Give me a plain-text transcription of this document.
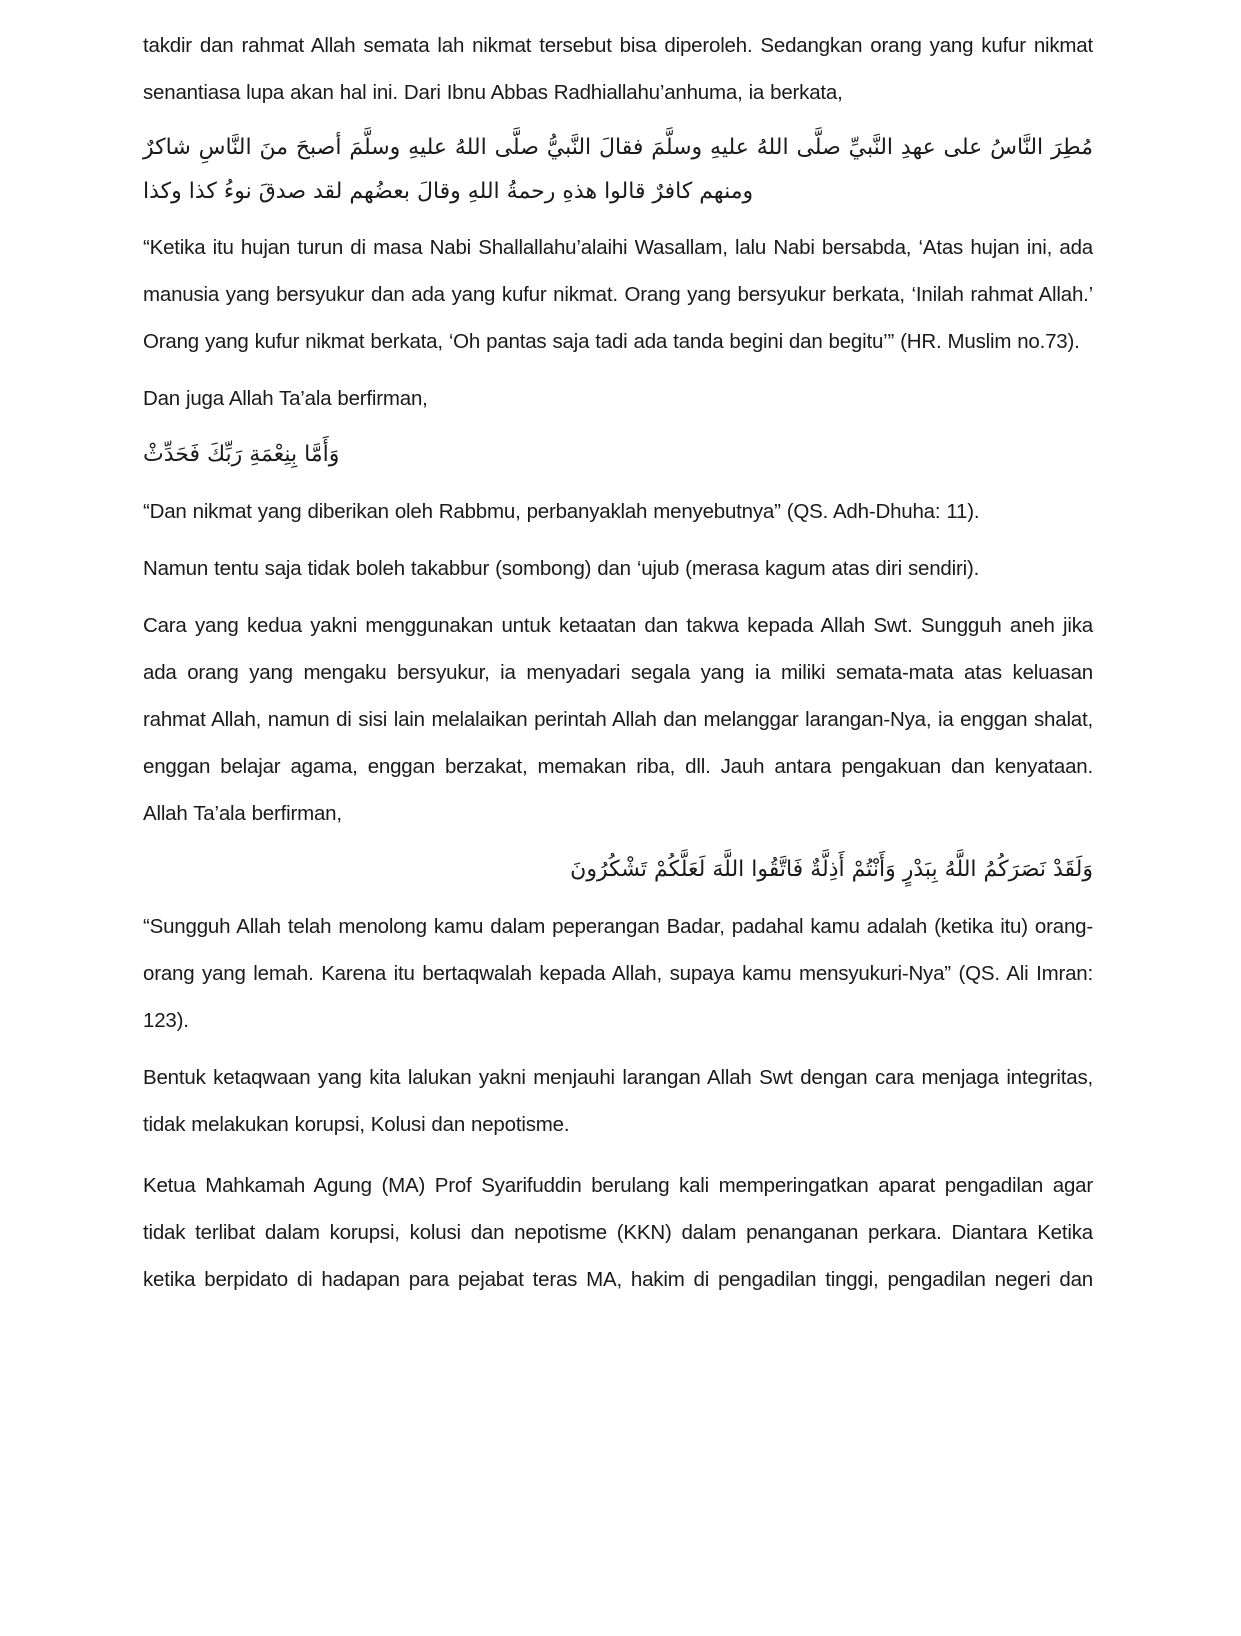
takdir dan rahmat Allah semata lah nikmat tersebut bisa diperoleh. Sedangkan orang yang kufur nikmat senantiasa lupa akan hal ini. Dari Ibnu Abbas Radhiallahu’anhuma, ia berkata,

مُطِرَ النَّاسُ على عهدِ النَّبيِّ صلَّى اللهُ عليهِ وسلَّمَ فقالَ النَّبيُّ صلَّى اللهُ عليهِ وسلَّمَ أصبحَ منَ النَّاسِ شاكرٌ ومنهم كافرٌ قالوا هذهِ رحمةُ اللهِ وقالَ بعضُهم لقد صدقَ نوءُ كذا وكذا

“Ketika itu hujan turun di masa Nabi Shallallahu’alaihi Wasallam, lalu Nabi bersabda, ‘Atas hujan ini, ada manusia yang bersyukur dan ada yang kufur nikmat. Orang yang bersyukur berkata, ‘Inilah rahmat Allah.’ Orang yang kufur nikmat berkata, ‘Oh pantas saja tadi ada tanda begini dan begitu’” (HR. Muslim no.73).

Dan juga Allah Ta’ala berfirman,

وَأَمَّا بِنِعْمَةِ رَبِّكَ فَحَدِّثْ

“Dan nikmat yang diberikan oleh Rabbmu, perbanyaklah menyebutnya” (QS. Adh-Dhuha: 11).

Namun tentu saja tidak boleh takabbur (sombong) dan ‘ujub (merasa kagum atas diri sendiri).

Cara yang kedua yakni menggunakan untuk ketaatan dan takwa kepada Allah Swt. Sungguh aneh jika ada orang yang mengaku bersyukur, ia menyadari segala yang ia miliki semata-mata atas keluasan rahmat Allah, namun di sisi lain melalaikan perintah Allah dan melanggar larangan-Nya, ia enggan shalat, enggan belajar agama, enggan berzakat, memakan riba, dll. Jauh antara pengakuan dan kenyataan. Allah Ta’ala berfirman,

وَلَقَدْ نَصَرَكُمُ اللَّهُ بِبَدْرٍ وَأَنْتُمْ أَذِلَّةٌ فَاتَّقُوا اللَّهَ لَعَلَّكُمْ تَشْكُرُونَ

“Sungguh Allah telah menolong kamu dalam peperangan Badar, padahal kamu adalah (ketika itu) orang-orang yang lemah. Karena itu bertaqwalah kepada Allah, supaya kamu mensyukuri-Nya” (QS. Ali Imran: 123).

Bentuk ketaqwaan yang kita lalukan yakni menjauhi larangan Allah Swt dengan cara menjaga integritas, tidak melakukan korupsi, Kolusi dan nepotisme.

Ketua Mahkamah Agung (MA) Prof Syarifuddin berulang kali memperingatkan aparat pengadilan agar tidak terlibat dalam korupsi, kolusi dan nepotisme (KKN) dalam penanganan perkara. Diantara Ketika ketika berpidato di hadapan para pejabat teras MA, hakim di pengadilan tinggi, pengadilan negeri dan
